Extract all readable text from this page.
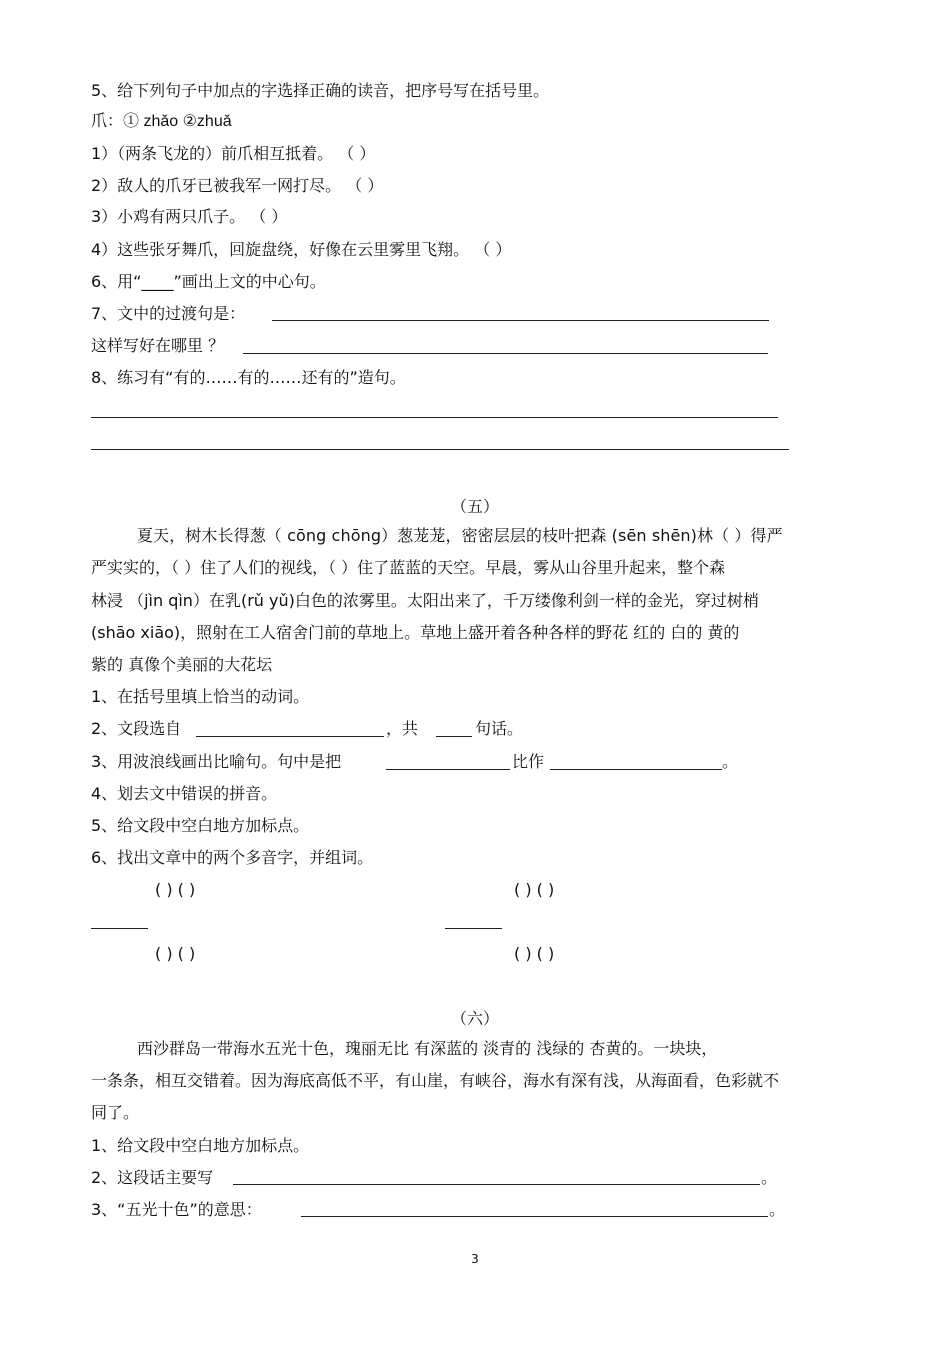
5、给下列句子中加点的字选择正确的读音，把序号写在括号里。
爪：① zhǎo ②zhuǎ
1）（两条飞龙的）前爪相互抵着。 （ ）
2）敌人的爪牙已被我军一网打尽。 （ ）
3）小鸡有两只爪子。 （ ）
4）这些张牙舞爪，回旋盘绕，好像在云里雾里飞翔。 （ ）
6、用“____”画出上文的中心句。
7、文中的过渡句是：
这样写好在哪里 ？
8、练习有“有的……有的……还有的”造句。
（五）
夏天，树木长得葱（ cōng chōng）葱茏茏，密密层层的枝叶把森 (sēn shēn)林（ ）得严
严实实的，（ ）住了人们的视线，（ ）住了蓝蓝的天空。早晨，雾从山谷里升起来，整个森
林浸 （jìn qìn）在乳(rǔ yǔ)白色的浓雾里。太阳出来了，千万缕像利剑一样的金光，穿过树梢
(shāo xiāo)，照射在工人宿舍门前的草地上。草地上盛开着各种各样的野花 红的 白的 黄的
紫的 真像个美丽的大花坛
1、在括号里填上恰当的动词。
2、文段选自	，共	句话。
3、用波浪线画出比喻句。句中是把	比作	。
4、划去文中错误的拼音。
5、给文段中空白地方加标点。
6、找出文章中的两个多音字，并组词。
( ) ( )	( ) ( )
( ) ( )	( ) ( )
（六）
西沙群岛一带海水五光十色，瑰丽无比 有深蓝的 淡青的 浅绿的 杏黄的。一块块，
一条条，相互交错着。因为海底高低不平，有山崖，有峡谷，海水有深有浅，从海面看，色彩就不
同了。
1、给文段中空白地方加标点。
2、这段话主要写	。
3、“五光十色”的意思：	。
3
